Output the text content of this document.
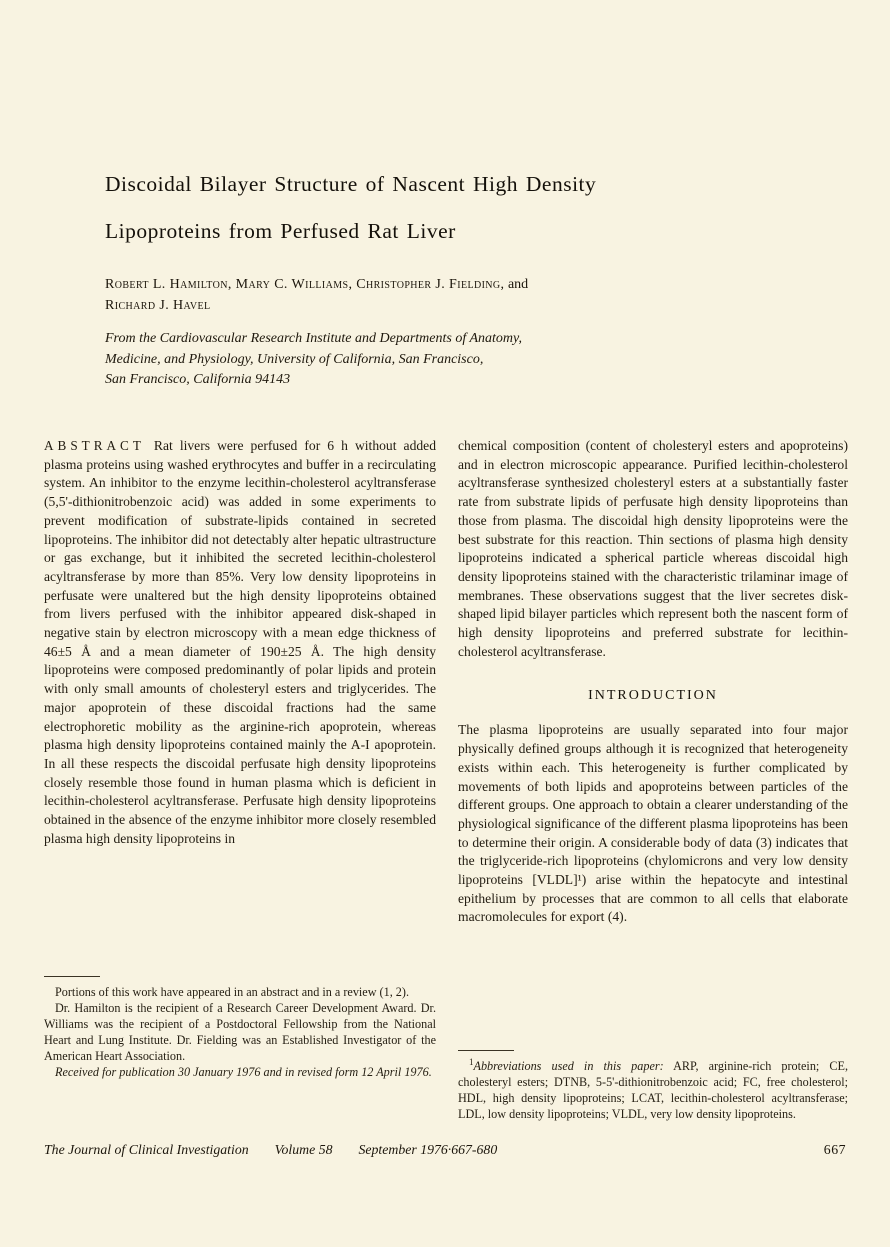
Discoidal Bilayer Structure of Nascent High Density
Lipoproteins from Perfused Rat Liver

Robert L. Hamilton, Mary C. Williams, Christopher J. Fielding, and
Richard J. Havel

From the Cardiovascular Research Institute and Departments of Anatomy,
Medicine, and Physiology, University of California, San Francisco,
San Francisco, California 94143

ABSTRACT Rat livers were perfused for 6 h without added plasma proteins using washed erythrocytes and buffer in a recirculating system. An inhibitor to the enzyme lecithin-cholesterol acyltransferase (5,5'-dithionitrobenzoic acid) was added in some experiments to prevent modification of substrate-lipids contained in secreted lipoproteins. The inhibitor did not detectably alter hepatic ultrastructure or gas exchange, but it inhibited the secreted lecithin-cholesterol acyltransferase by more than 85%. Very low density lipoproteins in perfusate were unaltered but the high density lipoproteins obtained from livers perfused with the inhibitor appeared disk-shaped in negative stain by electron microscopy with a mean edge thickness of 46±5 Å and a mean diameter of 190±25 Å. The high density lipoproteins were composed predominantly of polar lipids and protein with only small amounts of cholesteryl esters and triglycerides. The major apoprotein of these discoidal fractions had the same electrophoretic mobility as the arginine-rich apoprotein, whereas plasma high density lipoproteins contained mainly the A-I apoprotein. In all these respects the discoidal perfusate high density lipoproteins closely resemble those found in human plasma which is deficient in lecithin-cholesterol acyltransferase. Perfusate high density lipoproteins obtained in the absence of the enzyme inhibitor more closely resembled plasma high density lipoproteins in

chemical composition (content of cholesteryl esters and apoproteins) and in electron microscopic appearance. Purified lecithin-cholesterol acyltransferase synthesized cholesteryl esters at a substantially faster rate from substrate lipids of perfusate high density lipoproteins than those from plasma. The discoidal high density lipoproteins were the best substrate for this reaction. Thin sections of plasma high density lipoproteins indicated a spherical particle whereas discoidal high density lipoproteins stained with the characteristic trilaminar image of membranes. These observations suggest that the liver secretes disk-shaped lipid bilayer particles which represent both the nascent form of high density lipoproteins and preferred substrate for lecithin-cholesterol acyltransferase.

INTRODUCTION

The plasma lipoproteins are usually separated into four major physically defined groups although it is recognized that heterogeneity exists within each. This heterogeneity is further complicated by movements of both lipids and apoproteins between particles of the different groups. One approach to obtain a clearer understanding of the physiological significance of the different plasma lipoproteins has been to determine their origin. A considerable body of data (3) indicates that the triglyceride-rich lipoproteins (chylomicrons and very low density lipoproteins [VLDL]¹) arise within the hepatocyte and intestinal epithelium by processes that are common to all cells that elaborate macromolecules for export (4).

Portions of this work have appeared in an abstract and in a review (1, 2).

Dr. Hamilton is the recipient of a Research Career Development Award. Dr. Williams was the recipient of a Postdoctoral Fellowship from the National Heart and Lung Institute. Dr. Fielding was an Established Investigator of the American Heart Association.

Received for publication 30 January 1976 and in revised form 12 April 1976.

$^1$Abbreviations used in this paper: ARP, arginine-rich protein; CE, cholesteryl esters; DTNB, 5-5'-dithionitrobenzoic acid; FC, free cholesterol; HDL, high density lipoproteins; LCAT, lecithin-cholesterol acyltransferase; LDL, low density lipoproteins; VLDL, very low density lipoproteins.

The Journal of Clinical Investigation Volume 58 September 1976·667-680	667
